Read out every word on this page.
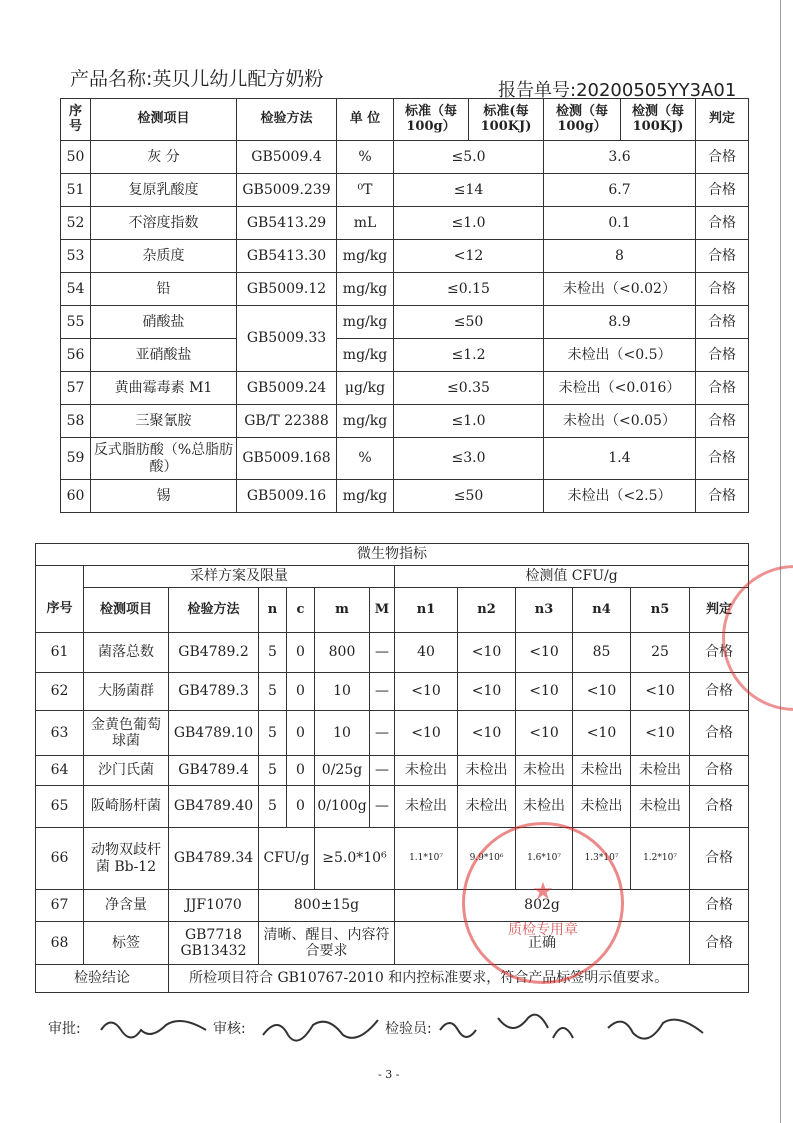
产品名称:英贝儿幼儿配方奶粉
报告单号:20200505YY3A01
序号	检测项目	检验方法	单 位	标准（每100g）	标准(每100KJ)	检测（每100g）	检测（每100KJ)	判定
50	灰 分	GB5009.4	%	≤5.0		3.6		合格
51	复原乳酸度	GB5009.239	⁰T	≤14		6.7		合格
52	不溶度指数	GB5413.29	mL	≤1.0		0.1		合格
53	杂质度	GB5413.30	mg/kg	<12		8		合格
54	铅	GB5009.12	mg/kg	≤0.15		未检出（<0.02）		合格
55	硝酸盐	GB5009.33	mg/kg	≤50		8.9		合格
56	亚硝酸盐		mg/kg	≤1.2		未检出（<0.5）		合格
57	黄曲霉毒素 M1	GB5009.24	μg/kg	≤0.35		未检出（<0.016）		合格
58	三聚氰胺	GB/T 22388	mg/kg	≤1.0		未检出（<0.05）		合格
59	反式脂肪酸（%总脂肪酸）	GB5009.168	%	≤3.0		1.4		合格
60	锡	GB5009.16	mg/kg	≤50		未检出（<2.5）		合格
微生物指标												
	采样方案及限量						检测值 CFU/g					
序号	检测项目	检验方法	n	c	m	M	n1	n2	n3	n4	n5	判定
61	菌落总数	GB4789.2	5	0	800	—	40	<10	<10	85	25	合格
62	大肠菌群	GB4789.3	5	0	10	—	<10	<10	<10	<10	<10	合格
63	金黄色葡萄球菌	GB4789.10	5	0	10	—	<10	<10	<10	<10	<10	合格
64	沙门氏菌	GB4789.4	5	0	0/25g	—	未检出	未检出	未检出	未检出	未检出	合格
65	阪崎肠杆菌	GB4789.40	5	0	0/100g	—	未检出	未检出	未检出	未检出	未检出	合格
66	动物双歧杆菌 Bb-12	GB4789.34	CFU/g		≥5.0*10⁶		1.1*10⁷	9.9*10⁶	1.6*10⁷	1.3*10⁷	1.2*10⁷	合格
67	净含量	JJF1070	800±15g				802g					合格
68	标签	GB7718 GB13432	清晰、醒目、内容符合要求				正确					合格
检验结论		所检项目符合 GB10767-2010 和内控标准要求，符合产品标签明示值要求。										
★
质检专用章
审批:	审核:	检验员:
- 3 -
